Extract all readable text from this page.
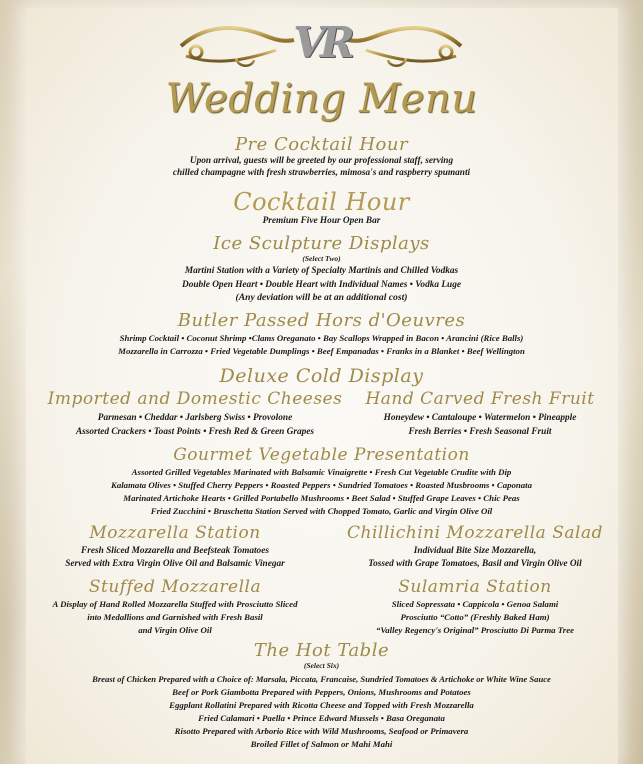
VR
Wedding Menu
Pre Cocktail Hour
Upon arrival, guests will be greeted by our professional staff, serving
chilled champagne with fresh strawberries, mimosa's and raspberry spumanti
Cocktail Hour
Premium Five Hour Open Bar
Ice Sculpture Displays
(Select Two)
Martini Station with a Variety of Specialty Martinis and Chilled Vodkas
Double Open Heart • Double Heart with Individual Names • Vodka Luge
(Any deviation will be at an additional cost)
Butler Passed Hors d'Oeuvres
Shrimp Cocktail • Coconut Shrimp •Clams Oreganato • Bay Scallops Wrapped in Bacon • Arancini (Rice Balls)
Mozzarella in Carrozza • Fried Vegetable Dumplings • Beef Empanadas • Franks in a Blanket • Beef Wellington
Deluxe Cold Display
Imported and Domestic Cheeses
Parmesan • Cheddar • Jarlsberg Swiss • Provolone
Assorted Crackers • Toast Points • Fresh Red & Green Grapes
Hand Carved Fresh Fruit
Honeydew • Cantaloupe • Watermelon • Pineapple
Fresh Berries • Fresh Seasonal Fruit
Gourmet Vegetable Presentation
Assorted Grilled Vegetables Marinated with Balsamic Vinaigrette • Fresh Cut Vegetable Crudite with Dip
Kalamata Olives • Stuffed Cherry Peppers • Roasted Peppers • Sundried Tomatoes • Roasted Musbrooms • Caponata
Marinated Artichoke Hearts • Grilled Portabello Mushrooms • Beet Salad • Stuffed Grape Leaves • Chic Peas
Fried Zucchini • Bruschetta Station Served with Chopped Tomato, Garlic and Virgin Olive Oil
Mozzarella Station
Fresh Sliced Mozzarella and Beefsteak Tomatoes
Served with Extra Virgin Olive Oil and Balsamic Vinegar
Chillichini Mozzarella Salad
Individual Bite Size Mozzarella,
Tossed with Grape Tomatoes, Basil and Virgin Olive Oil
Stuffed Mozzarella
A Display of Hand Rolled Mozzarella Stuffed with Prosciutto Sliced
into Medallions and Garnished with Fresh Basil
and Virgin Olive Oil
Sulamria Station
Sliced Sopressata • Cappicola • Genoa Salami
Prosciutto “Cotto” (Freshly Baked Ham)
“Valley Regency's Original” Prosciutto Di Parma Tree
The Hot Table
(Select Six)
Breast of Chicken Prepared with a Choice of: Marsala, Piccata, Francaise, Sundried Tomatoes & Artichoke or White Wine Sauce
Beef or Pork Giambotta Prepared with Peppers, Onions, Mushrooms and Potatoes
Eggplant Rollatini Prepared with Ricotta Cheese and Topped with Fresh Mozzarella
Fried Calamari • Paella • Prince Edward Mussels • Basa Oreganata
Risotto Prepared with Arborio Rice with Wild Mushrooms, Seafood or Primavera
Broiled Fillet of Salmon or Mahi Mahi
